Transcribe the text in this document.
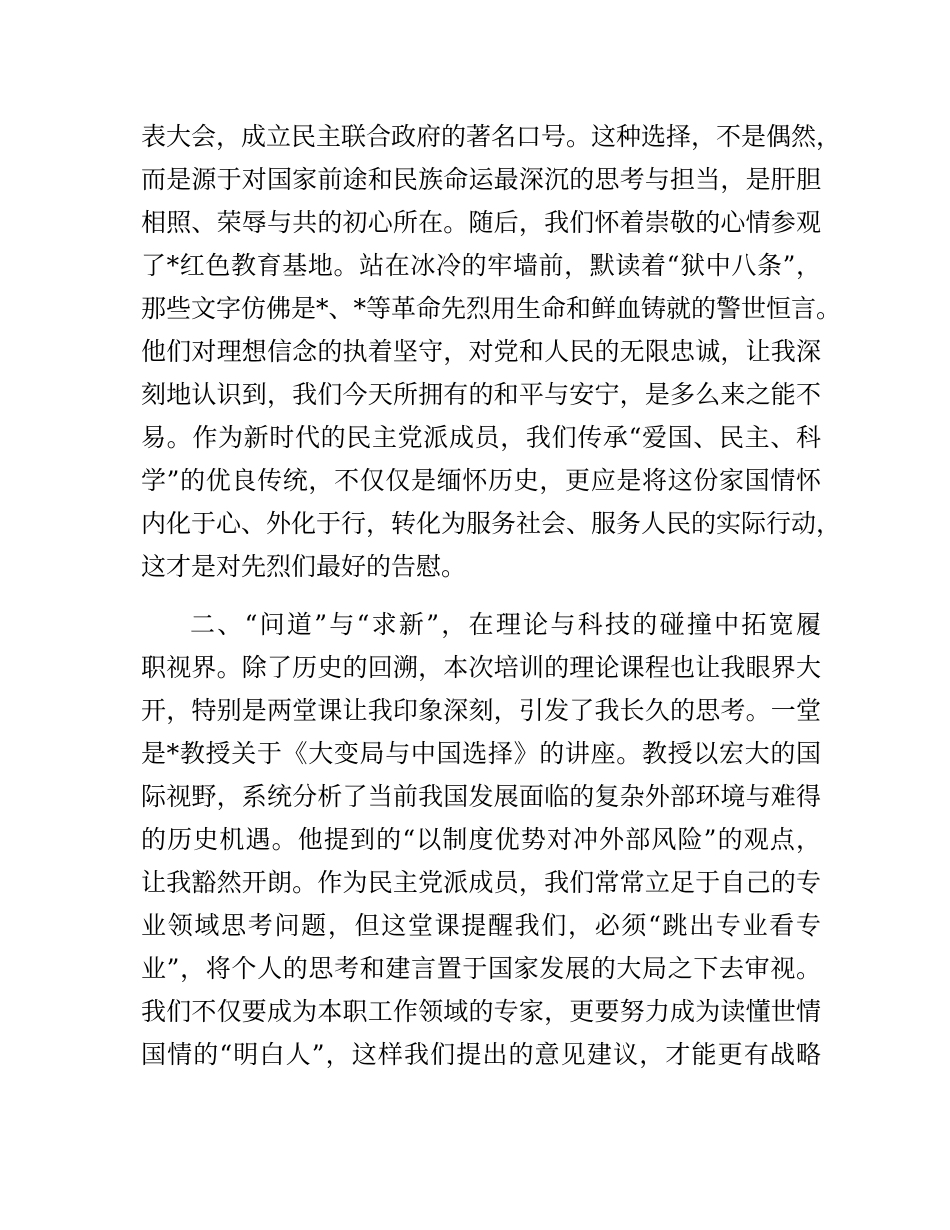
表大会，成立民主联合政府的著名口号。这种选择，不是偶然，
而是源于对国家前途和民族命运最深沉的思考与担当，是肝胆
相照、荣辱与共的初心所在。随后，我们怀着崇敬的心情参观
了*红色教育基地。站在冰冷的牢墙前，默读着“狱中八条”，
那些文字仿佛是*、*等革命先烈用生命和鲜血铸就的警世恒言。
他们对理想信念的执着坚守，对党和人民的无限忠诚，让我深
刻地认识到，我们今天所拥有的和平与安宁，是多么来之能不
易。作为新时代的民主党派成员，我们传承“爱国、民主、科
学”的优良传统，不仅仅是缅怀历史，更应是将这份家国情怀
内化于心、外化于行，转化为服务社会、服务人民的实际行动，
这才是对先烈们最好的告慰。
二、“问道”与“求新”，在理论与科技的碰撞中拓宽履
职视界。除了历史的回溯，本次培训的理论课程也让我眼界大
开，特别是两堂课让我印象深刻，引发了我长久的思考。一堂
是*教授关于《大变局与中国选择》的讲座。教授以宏大的国
际视野，系统分析了当前我国发展面临的复杂外部环境与难得
的历史机遇。他提到的“以制度优势对冲外部风险”的观点，
让我豁然开朗。作为民主党派成员，我们常常立足于自己的专
业领域思考问题，但这堂课提醒我们，必须“跳出专业看专
业”，将个人的思考和建言置于国家发展的大局之下去审视。
我们不仅要成为本职工作领域的专家，更要努力成为读懂世情
国情的“明白人”，这样我们提出的意见建议，才能更有战略
